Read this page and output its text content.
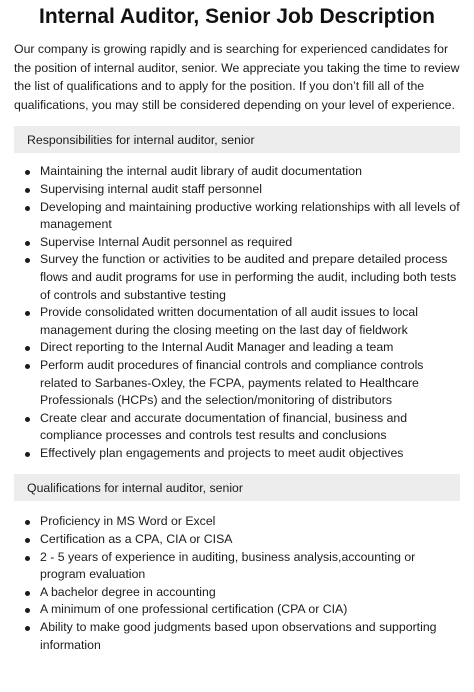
Internal Auditor, Senior Job Description

Our company is growing rapidly and is searching for experienced candidates for the position of internal auditor, senior. We appreciate you taking the time to review the list of qualifications and to apply for the position. If you don’t fill all of the qualifications, you may still be considered depending on your level of experience.

Responsibilities for internal auditor, senior
Maintaining the internal audit library of audit documentation
Supervising internal audit staff personnel
Developing and maintaining productive working relationships with all levels of management
Supervise Internal Audit personnel as required
Survey the function or activities to be audited and prepare detailed process flows and audit programs for use in performing the audit, including both tests of controls and substantive testing
Provide consolidated written documentation of all audit issues to local management during the closing meeting on the last day of fieldwork
Direct reporting to the Internal Audit Manager and leading a team
Perform audit procedures of financial controls and compliance controls related to Sarbanes-Oxley, the FCPA, payments related to Healthcare Professionals (HCPs) and the selection/monitoring of distributors
Create clear and accurate documentation of financial, business and compliance processes and controls test results and conclusions
Effectively plan engagements and projects to meet audit objectives
Qualifications for internal auditor, senior
Proficiency in MS Word or Excel
Certification as a CPA, CIA or CISA
2 - 5 years of experience in auditing, business analysis,accounting or program evaluation
A bachelor degree in accounting
A minimum of one professional certification (CPA or CIA)
Ability to make good judgments based upon observations and supporting information
